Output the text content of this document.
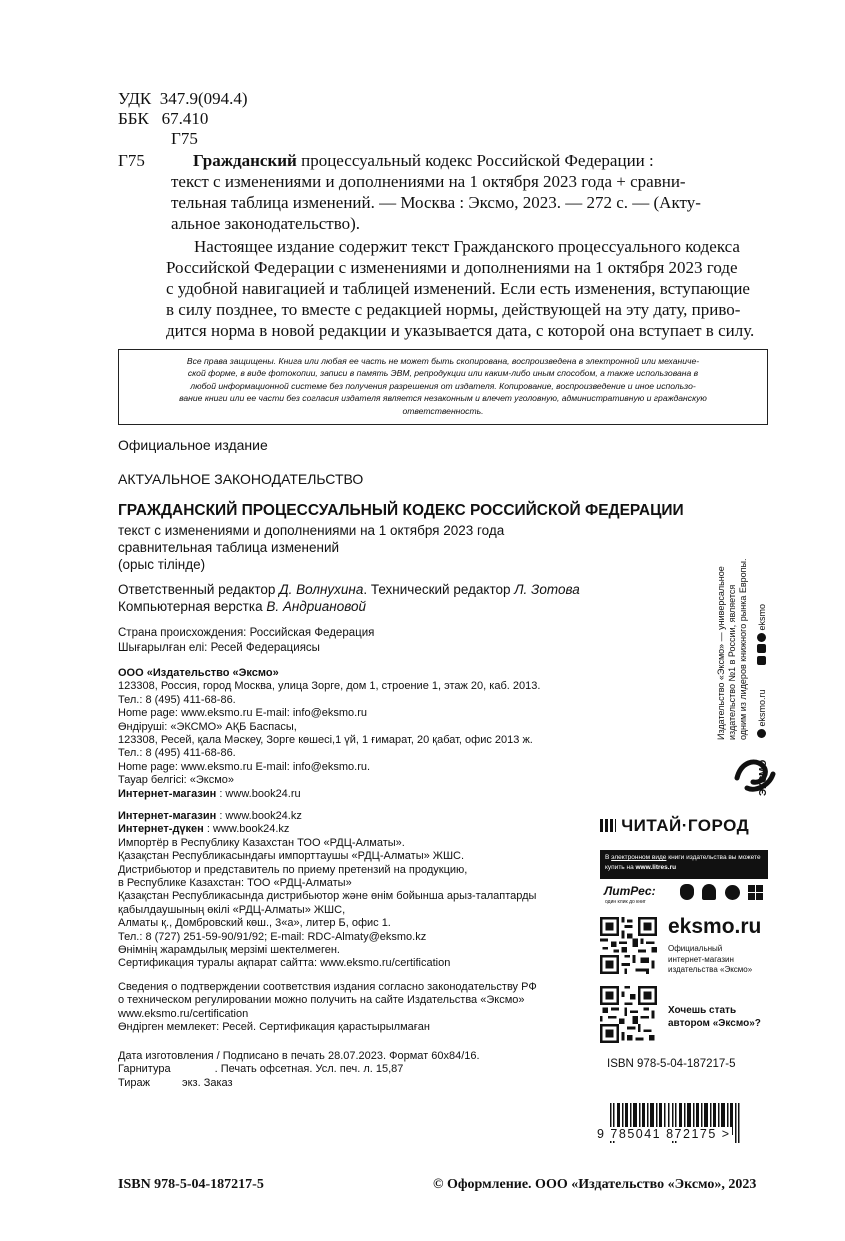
УДК 347.9(094.4)
ББК 67.410
Г75
Г75	Гражданский процессуальный кодекс Российской Федерации :
текст с изменениями и дополнениями на 1 октября 2023 года + сравни-
тельная таблица изменений. — Москва : Эксмо, 2023. — 272 с. — (Акту-
альное законодательство).
Настоящее издание содержит текст Гражданского процессуального кодекса
Российской Федерации с изменениями и дополнениями на 1 октября 2023 годе
с удобной навигацией и таблицей изменений. Если есть изменения, вступающие
в силу позднее, то вместе с редакцией нормы, действующей на эту дату, приво-
дится норма в новой редакции и указывается дата, с которой она вступает в силу.
Все права защищены. Книга или любая ее часть не может быть скопирована, воспроизведена в электронной или механиче-
ской форме, в виде фотокопии, записи в память ЭВМ, репродукции или каким-либо иным способом, а также использована в
любой информационной системе без получения разрешения от издателя. Копирование, воспроизведение и иное использо-
вание книги или ее части без согласия издателя является незаконным и влечет уголовную, административную и гражданскую
ответственность.
Официальное издание
АКТУАЛЬНОЕ ЗАКОНОДАТЕЛЬСТВО
ГРАЖДАНСКИЙ ПРОЦЕССУАЛЬНЫЙ КОДЕКС РОССИЙСКОЙ ФЕДЕРАЦИИ
текст с изменениями и дополнениями на 1 октября 2023 года
сравнительная таблица изменений
(орыс тілінде)
Ответственный редактор Д. Волнухина. Технический редактор Л. Зотова
Компьютерная верстка В. Андриановой
Страна происхождения: Российская Федерация
Шығарылған елі: Ресей Федерациясы
ООО «Издательство «Эксмо»
123308, Россия, город Москва, улица Зорге, дом 1, строение 1, этаж 20, каб. 2013.
Тел.: 8 (495) 411-68-86.
Home page: www.eksmo.ru E-mail: info@eksmo.ru
Өндіруші: «ЭКСМО» АҚБ Баспасы,
123308, Ресей, қала Мәскеу, Зорге көшесі,1 үй, 1 ғимарат, 20 қабат, офис 2013 ж.
Тел.: 8 (495) 411-68-86.
Home page: www.eksmo.ru E-mail: info@eksmo.ru.
Тауар белгісі: «Эксмо»
Интернет-магазин : www.book24.ru
Интернет-магазин : www.book24.kz
Интернет-дүкен : www.book24.kz
Импортёр в Республику Казахстан ТОО «РДЦ-Алматы».
Қазақстан Республикасындағы импорттаушы «РДЦ-Алматы» ЖШС.
Дистрибьютор и представитель по приему претензий на продукцию,
в Республике Казахстан: ТОО «РДЦ-Алматы»
Қазақстан Республикасында дистрибьютор және өнім бойынша арыз-талаптарды
қабылдаушының өкілі «РДЦ-Алматы» ЖШС,
Алматы қ., Домбровский көш., 3«а», литер Б, офис 1.
Тел.: 8 (727) 251-59-90/91/92; E-mail: RDC-Almaty@eksmo.kz
Өнімнің жарамдылық мерзімі шектелмеген.
Сертификация туралы ақпарат сайтта: www.eksmo.ru/certification
Сведения о подтверждении соответствия издания согласно законодательству РФ
о техническом регулировании можно получить на сайте Издательства «Эксмо»
www.eksmo.ru/certification
Өндірген мемлекет: Ресей. Сертификация қарастырылмаған
Дата изготовления / Подписано в печать 28.07.2023. Формат 60x84/16.
Гарнитура	. Печать офсетная. Усл. печ. л. 15,87
Тираж	экз. Заказ
Издательство «Эксмо» — универсальное издательство №1 в России, является одним из лидеров книжного рынка Европы. eksmo
eksmo.ru
ЭКСМО
ЧИТАЙ·ГОРОД
В электронном виде книги издательства вы можете
купить на www.litres.ru
ЛитРес:
один клик до книг

eksmo.ru
Официальный
интернет-магазин
издательства «Эксмо»
Хочешь стать
автором «Эксмо»?
ISBN 978-5-04-187217-5
9 785041 872175 >
ISBN 978-5-04-187217-5	© Оформление. ООО «Издательство «Эксмо», 2023
